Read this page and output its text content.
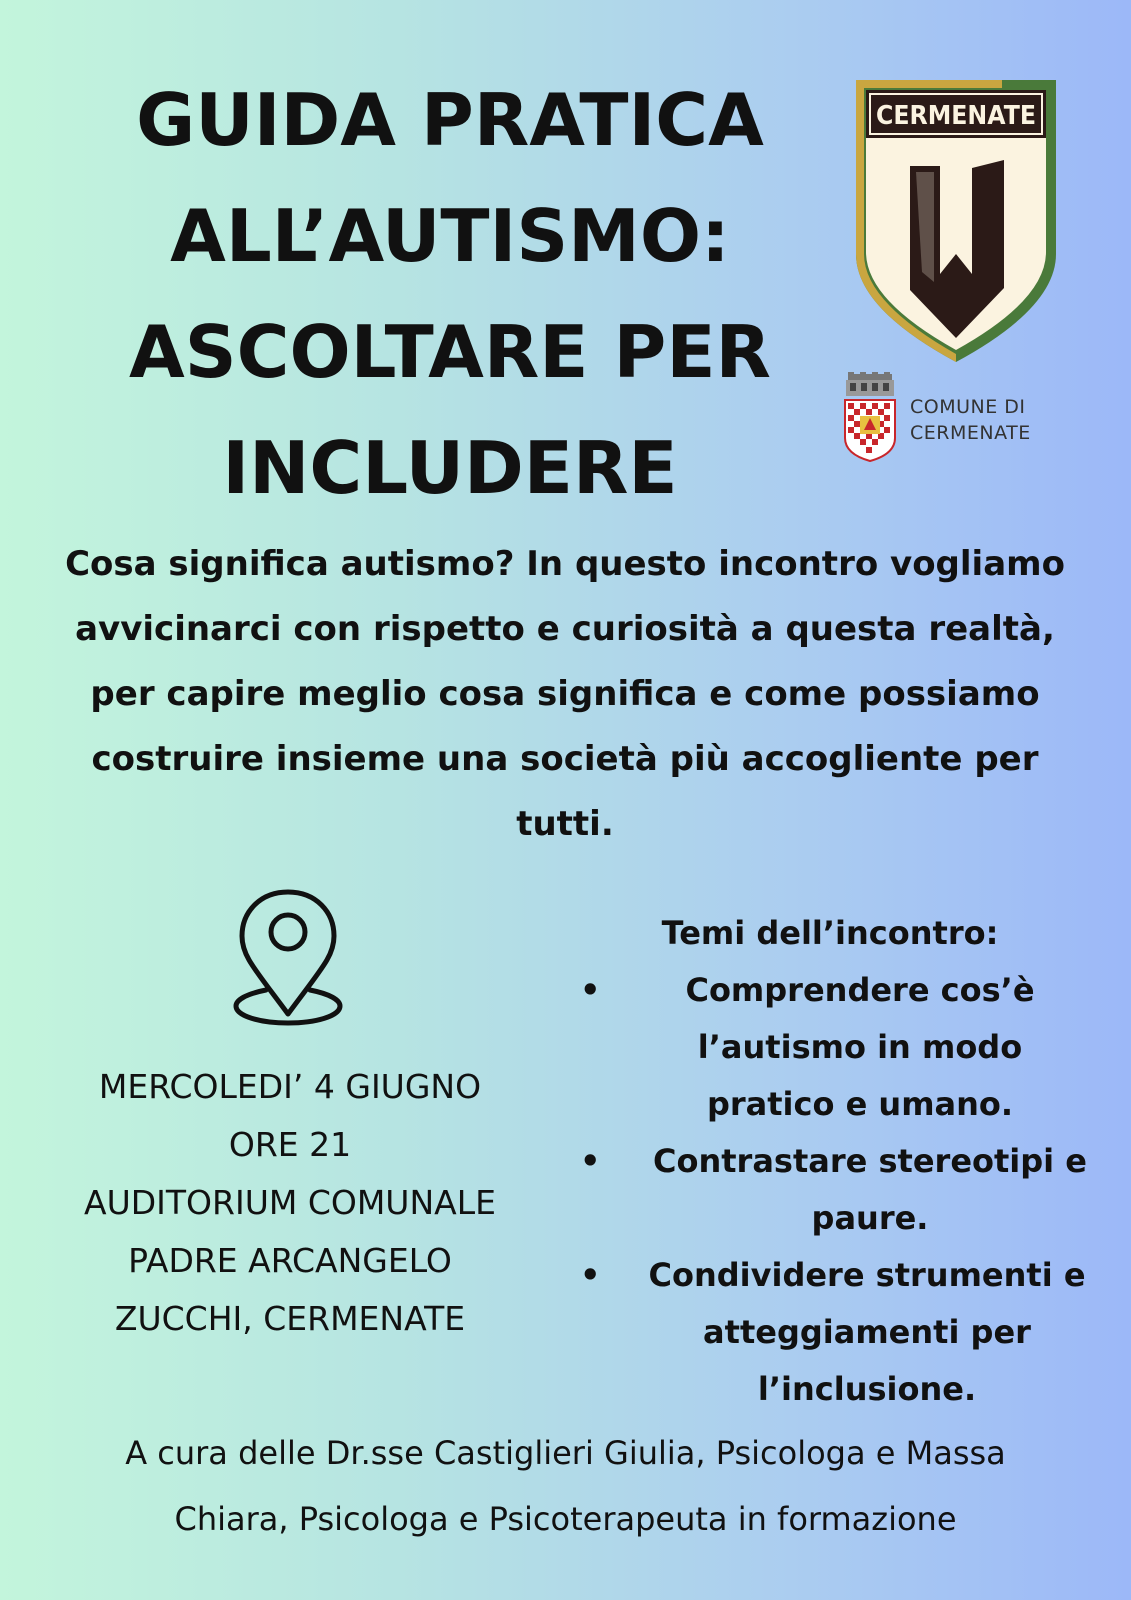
GUIDA PRATICA
ALL’AUTISMO:
ASCOLTARE PER
INCLUDERE
CERMENATE
COMUNE DI
CERMENATE

Cosa significa autismo? In questo incontro vogliamo avvicinarci con rispetto e curiosità a questa realtà, per capire meglio cosa significa e come possiamo costruire insieme una società più accogliente per tutti.

MERCOLEDI’ 4 GIUGNO
ORE 21
AUDITORIUM COMUNALE
PADRE ARCANGELO
ZUCCHI, CERMENATE
Temi dell’incontro:
•	Comprendere cos’è l’autismo in modo pratico e umano.
•	Contrastare stereotipi e paure.
•	Condividere strumenti e atteggiamenti per l’inclusione.
A cura delle Dr.sse Castiglieri Giulia, Psicologa e Massa
Chiara, Psicologa e Psicoterapeuta in formazione
